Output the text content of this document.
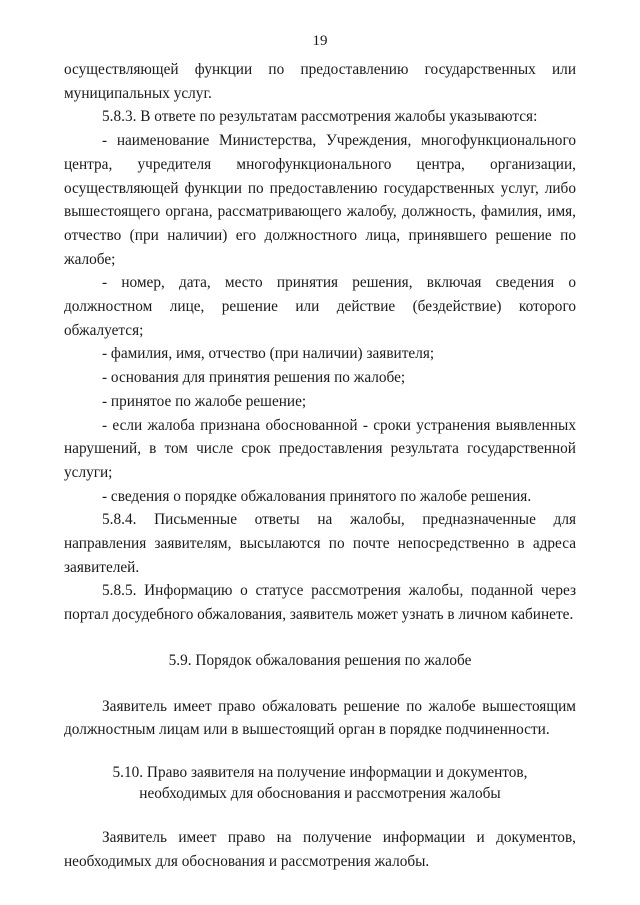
19

осуществляющей функции по предоставлению государственных или муниципальных услуг.

5.8.3. В ответе по результатам рассмотрения жалобы указываются:

- наименование Министерства, Учреждения, многофункционального центра, учредителя многофункционального центра, организации, осуществляющей функции по предоставлению государственных услуг, либо вышестоящего органа, рассматривающего жалобу, должность, фамилия, имя, отчество (при наличии) его должностного лица, принявшего решение по жалобе;

- номер, дата, место принятия решения, включая сведения о должностном лице, решение или действие (бездействие) которого обжалуется;

- фамилия, имя, отчество (при наличии) заявителя;

- основания для принятия решения по жалобе;

- принятое по жалобе решение;

- если жалоба признана обоснованной - сроки устранения выявленных нарушений, в том числе срок предоставления результата государственной услуги;

- сведения о порядке обжалования принятого по жалобе решения.

5.8.4. Письменные ответы на жалобы, предназначенные для направления заявителям, высылаются по почте непосредственно в адреса заявителей.

5.8.5. Информацию о статусе рассмотрения жалобы, поданной через портал досудебного обжалования, заявитель может узнать в личном кабинете.

5.9. Порядок обжалования решения по жалобе

Заявитель имеет право обжаловать решение по жалобе вышестоящим должностным лицам или в вышестоящий орган в порядке подчиненности.

5.10. Право заявителя на получение информации и документов,
необходимых для обоснования и рассмотрения жалобы

Заявитель имеет право на получение информации и документов, необходимых для обоснования и рассмотрения жалобы.
